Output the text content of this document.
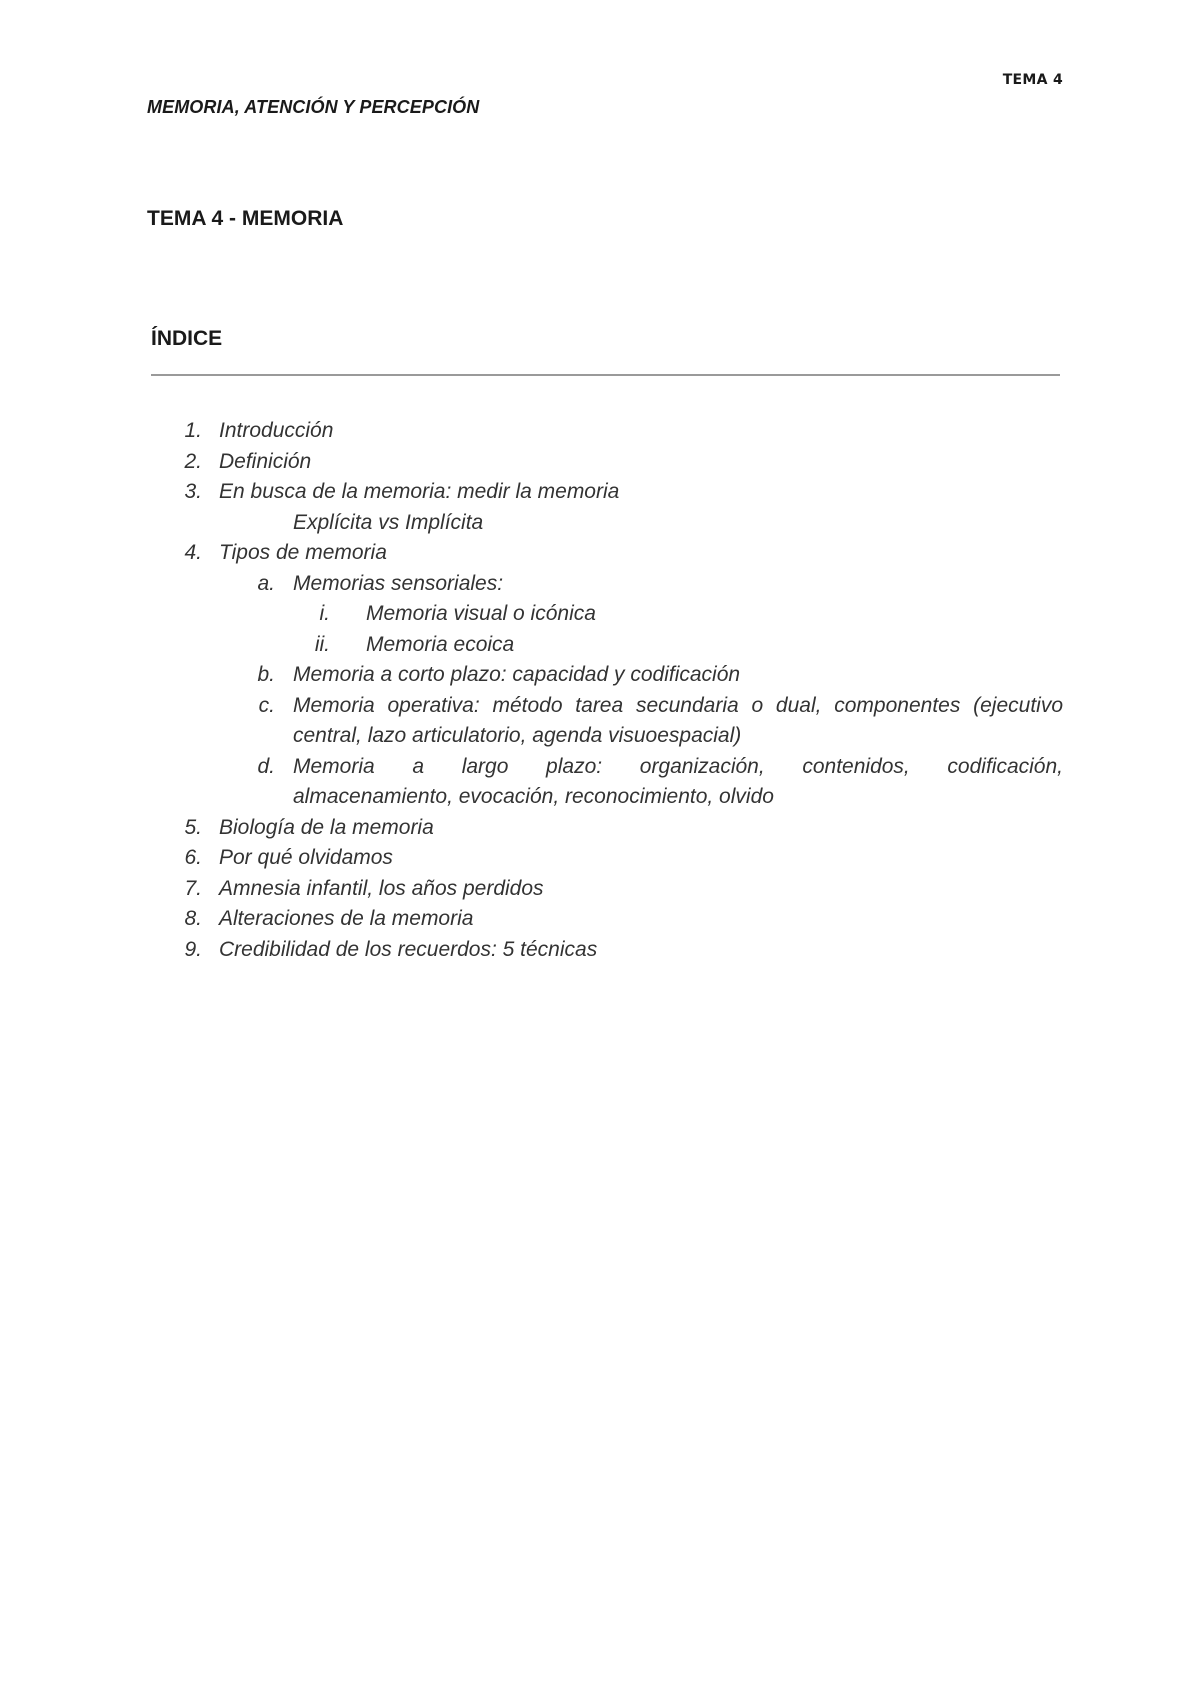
TEMA 4
MEMORIA, ATENCIÓN Y PERCEPCIÓN
TEMA 4 - MEMORIA
ÍNDICE
1. Introducción
2. Definición
3. En busca de la memoria: medir la memoria
Explícita vs Implícita
4. Tipos de memoria
a. Memorias sensoriales:
i. Memoria visual o icónica
ii. Memoria ecoica
b. Memoria a corto plazo: capacidad y codificación
c. Memoria operativa: método tarea secundaria o dual, componentes (ejecutivo
central, lazo articulatorio, agenda visuoespacial)
d. Memoria a largo plazo: organización, contenidos, codificación,
almacenamiento, evocación, reconocimiento, olvido
5. Biología de la memoria
6. Por qué olvidamos
7. Amnesia infantil, los años perdidos
8. Alteraciones de la memoria
9. Credibilidad de los recuerdos: 5 técnicas
